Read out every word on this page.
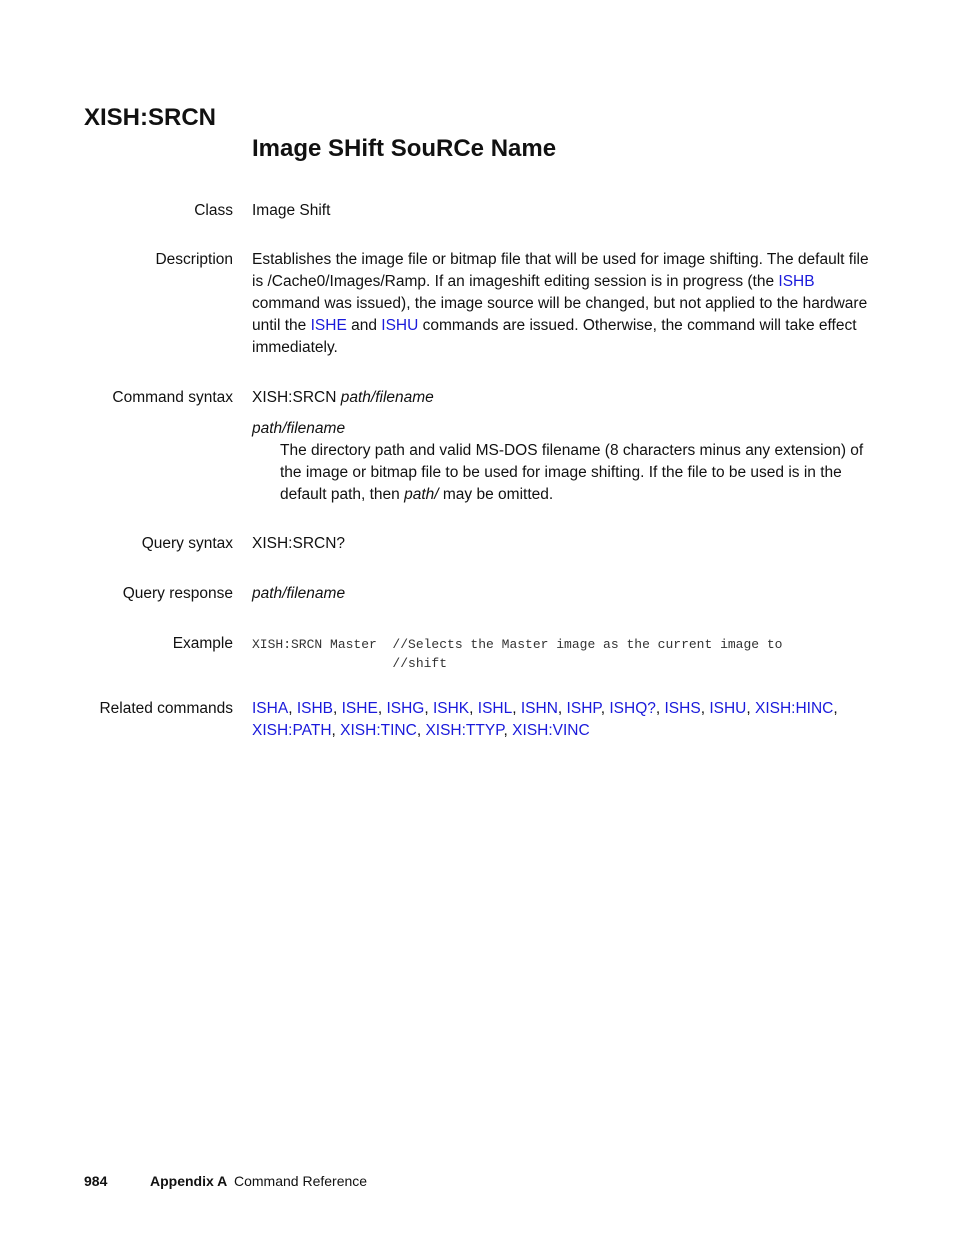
XISH:SRCN
Image SHift SouRCe Name
Class Image Shift
Description Establishes the image file or bitmap file that will be used for image shifting. The default file is /Cache0/Images/Ramp. If an imageshift editing session is in progress (the ISHB command was issued), the image source will be changed, but not applied to the hardware until the ISHE and ISHU commands are issued. Otherwise, the command will take effect immediately.
Command syntax XISH:SRCN path/filename
path/filename
The directory path and valid MS-DOS filename (8 characters minus any extension) of the image or bitmap file to be used for image shifting. If the file to be used is in the default path, then path/ may be omitted.
Query syntax XISH:SRCN?
Query response path/filename
Example XISH:SRCN Master  //Selects the Master image as the current image to
//shift
Related commands ISHA, ISHB, ISHE, ISHG, ISHK, ISHL, ISHN, ISHP, ISHQ?, ISHS, ISHU, XISH:HINC,
XISH:PATH, XISH:TINC, XISH:TTYP, XISH:VINC
984	Appendix A Command Reference
